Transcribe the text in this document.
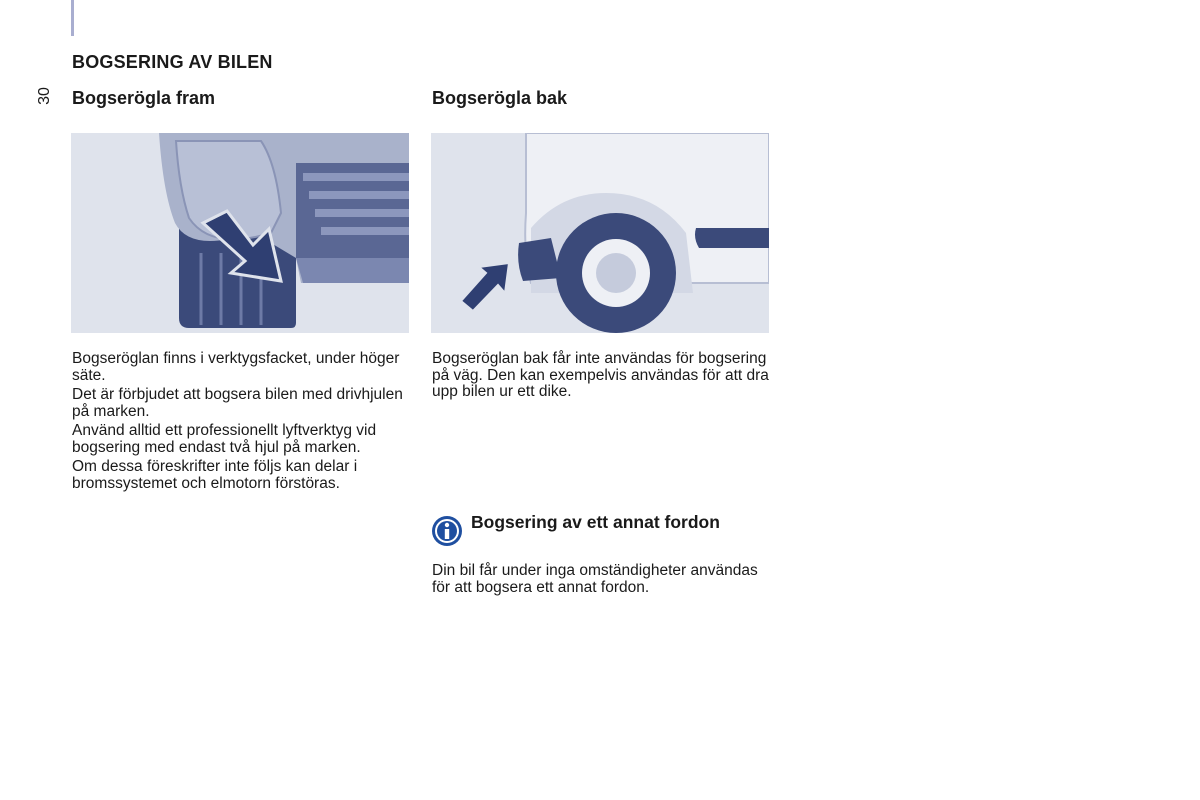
30
BOGSERING AV BILEN
Bogserögla fram

Bogseröglan finns i verktygsfacket, under höger säte.

Det är förbjudet att bogsera bilen med drivhjulen på marken.

Använd alltid ett professionellt lyftverktyg vid bogsering med endast två hjul på marken.

Om dessa föreskrifter inte följs kan delar i bromssystemet och elmotorn förstöras.

Bogserögla bak

Bogseröglan bak får inte användas för bogsering på väg. Den kan exempelvis användas för att dra upp bilen ur ett dike.

Bogsering av ett annat fordon

Din bil får under inga omständigheter användas för att bogsera ett annat fordon.
